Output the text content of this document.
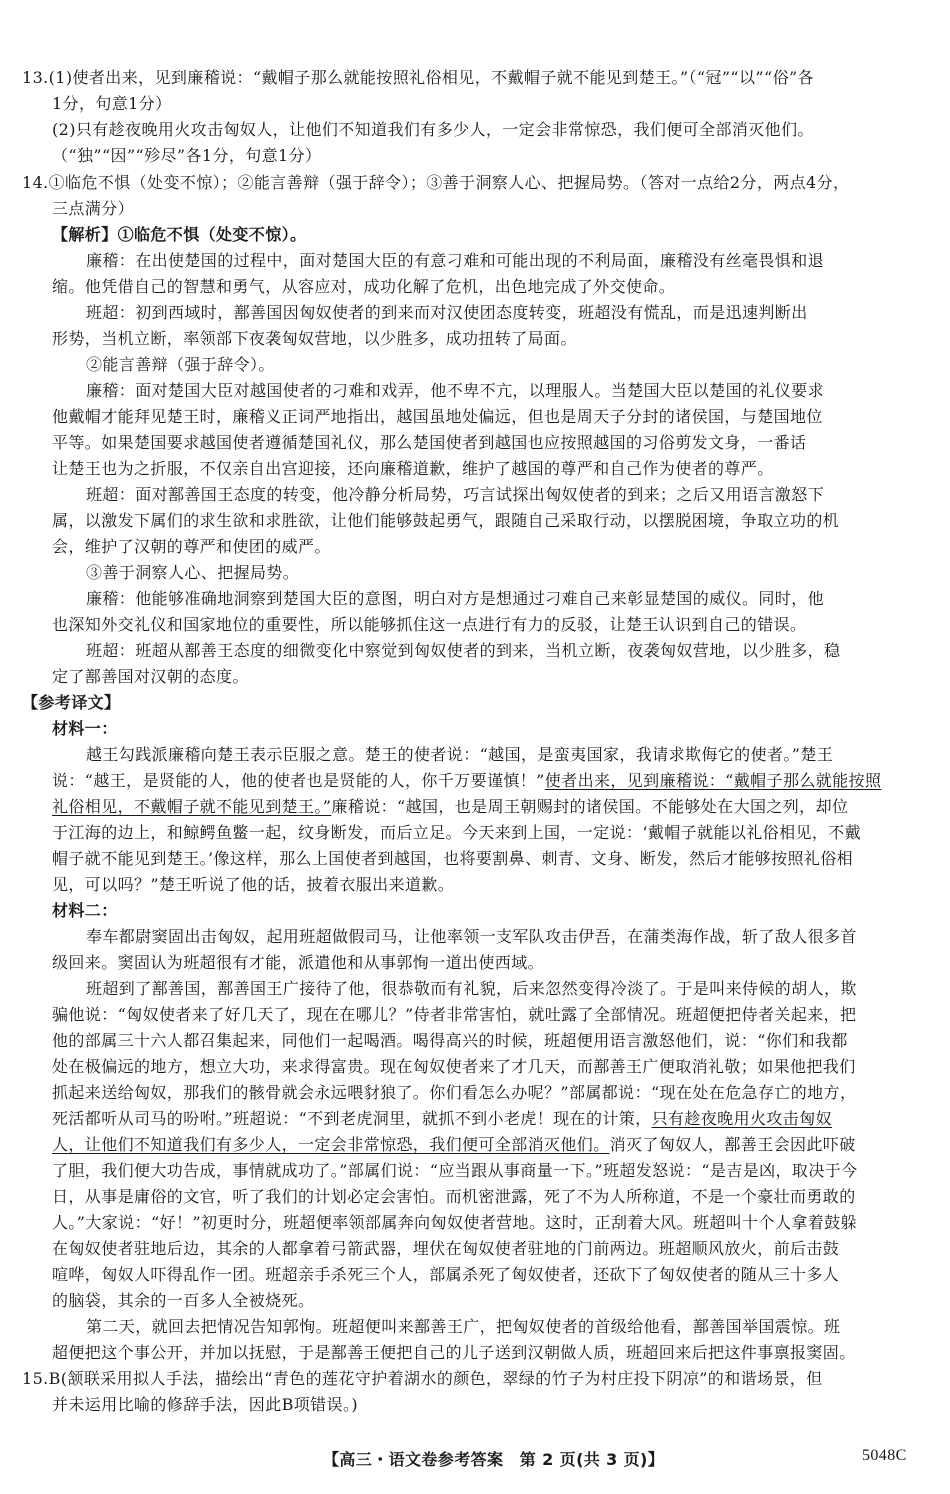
13.(1)使者出来，见到廉稽说：“戴帽子那么就能按照礼俗相见，不戴帽子就不能见到楚王。”（“冠”“以”“俗”各
1分，句意1分）
(2)只有趁夜晚用火攻击匈奴人，让他们不知道我们有多少人，一定会非常惊恐，我们便可全部消灭他们。
（“独”“因”“殄尽”各1分，句意1分）
14.①临危不惧（处变不惊）；②能言善辩（强于辞令）；③善于洞察人心、把握局势。（答对一点给2分，两点4分，
三点满分）
【解析】①临危不惧（处变不惊）。
廉稽：在出使楚国的过程中，面对楚国大臣的有意刁难和可能出现的不利局面，廉稽没有丝毫畏惧和退
缩。他凭借自己的智慧和勇气，从容应对，成功化解了危机，出色地完成了外交使命。
班超：初到西域时，鄯善国因匈奴使者的到来而对汉使团态度转变，班超没有慌乱，而是迅速判断出
形势，当机立断，率领部下夜袭匈奴营地，以少胜多，成功扭转了局面。
②能言善辩（强于辞令）。
廉稽：面对楚国大臣对越国使者的刁难和戏弄，他不卑不亢，以理服人。当楚国大臣以楚国的礼仪要求
他戴帽才能拜见楚王时，廉稽义正词严地指出，越国虽地处偏远，但也是周天子分封的诸侯国，与楚国地位
平等。如果楚国要求越国使者遵循楚国礼仪，那么楚国使者到越国也应按照越国的习俗剪发文身，一番话
让楚王也为之折服，不仅亲自出宫迎接，还向廉稽道歉，维护了越国的尊严和自己作为使者的尊严。
班超：面对鄯善国王态度的转变，他冷静分析局势，巧言试探出匈奴使者的到来；之后又用语言激怒下
属，以激发下属们的求生欲和求胜欲，让他们能够鼓起勇气，跟随自己采取行动，以摆脱困境，争取立功的机
会，维护了汉朝的尊严和使团的威严。
③善于洞察人心、把握局势。
廉稽：他能够准确地洞察到楚国大臣的意图，明白对方是想通过刁难自己来彰显楚国的威仪。同时，他
也深知外交礼仪和国家地位的重要性，所以能够抓住这一点进行有力的反驳，让楚王认识到自己的错误。
班超：班超从鄯善王态度的细微变化中察觉到匈奴使者的到来，当机立断，夜袭匈奴营地，以少胜多，稳
定了鄯善国对汉朝的态度。
【参考译文】
材料一：
越王勾践派廉稽向楚王表示臣服之意。楚王的使者说：“越国，是蛮夷国家，我请求欺侮它的使者。”楚王
说：“越王，是贤能的人，他的使者也是贤能的人，你千万要谨慎！”使者出来，见到廉稽说：“戴帽子那么就能按照
礼俗相见，不戴帽子就不能见到楚王。”廉稽说：“越国，也是周王朝赐封的诸侯国。不能够处在大国之列，却位
于江海的边上，和鲸鳄鱼鳖一起，纹身断发，而后立足。今天来到上国，一定说：‘戴帽子就能以礼俗相见，不戴
帽子就不能见到楚王。’像这样，那么上国使者到越国，也将要割鼻、刺青、文身、断发，然后才能够按照礼俗相
见，可以吗？”楚王听说了他的话，披着衣服出来道歉。
材料二：
奉车都尉窦固出击匈奴，起用班超做假司马，让他率领一支军队攻击伊吾，在蒲类海作战，斩了敌人很多首
级回来。窦固认为班超很有才能，派遣他和从事郭恂一道出使西域。
班超到了鄯善国，鄯善国王广接待了他，很恭敬而有礼貌，后来忽然变得冷淡了。于是叫来侍候的胡人，欺
骗他说：“匈奴使者来了好几天了，现在在哪儿？”侍者非常害怕，就吐露了全部情况。班超便把侍者关起来，把
他的部属三十六人都召集起来，同他们一起喝酒。喝得高兴的时候，班超便用语言激怒他们，说：“你们和我都
处在极偏远的地方，想立大功，来求得富贵。现在匈奴使者来了才几天，而鄯善王广便取消礼敬；如果他把我们
抓起来送给匈奴，那我们的骸骨就会永远喂豺狼了。你们看怎么办呢？”部属都说：“现在处在危急存亡的地方，
死活都听从司马的吩咐。”班超说：“不到老虎洞里，就抓不到小老虎！现在的计策，只有趁夜晚用火攻击匈奴
人，让他们不知道我们有多少人，一定会非常惊恐，我们便可全部消灭他们。消灭了匈奴人，鄯善王会因此吓破
了胆，我们便大功告成，事情就成功了。”部属们说：“应当跟从事商量一下。”班超发怒说：“是吉是凶，取决于今
日，从事是庸俗的文官，听了我们的计划必定会害怕。而机密泄露，死了不为人所称道，不是一个豪壮而勇敢的
人。”大家说：“好！”初更时分，班超便率领部属奔向匈奴使者营地。这时，正刮着大风。班超叫十个人拿着鼓躲
在匈奴使者驻地后边，其余的人都拿着弓箭武器，埋伏在匈奴使者驻地的门前两边。班超顺风放火，前后击鼓
喧哗，匈奴人吓得乱作一团。班超亲手杀死三个人，部属杀死了匈奴使者，还砍下了匈奴使者的随从三十多人
的脑袋，其余的一百多人全被烧死。
第二天，就回去把情况告知郭恂。班超便叫来鄯善王广，把匈奴使者的首级给他看，鄯善国举国震惊。班
超便把这个事公开，并加以抚慰，于是鄯善王便把自己的儿子送到汉朝做人质，班超回来后把这件事禀报窦固。
15.B(颔联采用拟人手法，描绘出“青色的莲花守护着湖水的颜色，翠绿的竹子为村庄投下阴凉”的和谐场景，但
并未运用比喻的修辞手法，因此B项错误。)
【高三・语文卷参考答案　第 2 页(共 3 页)】	5048C
